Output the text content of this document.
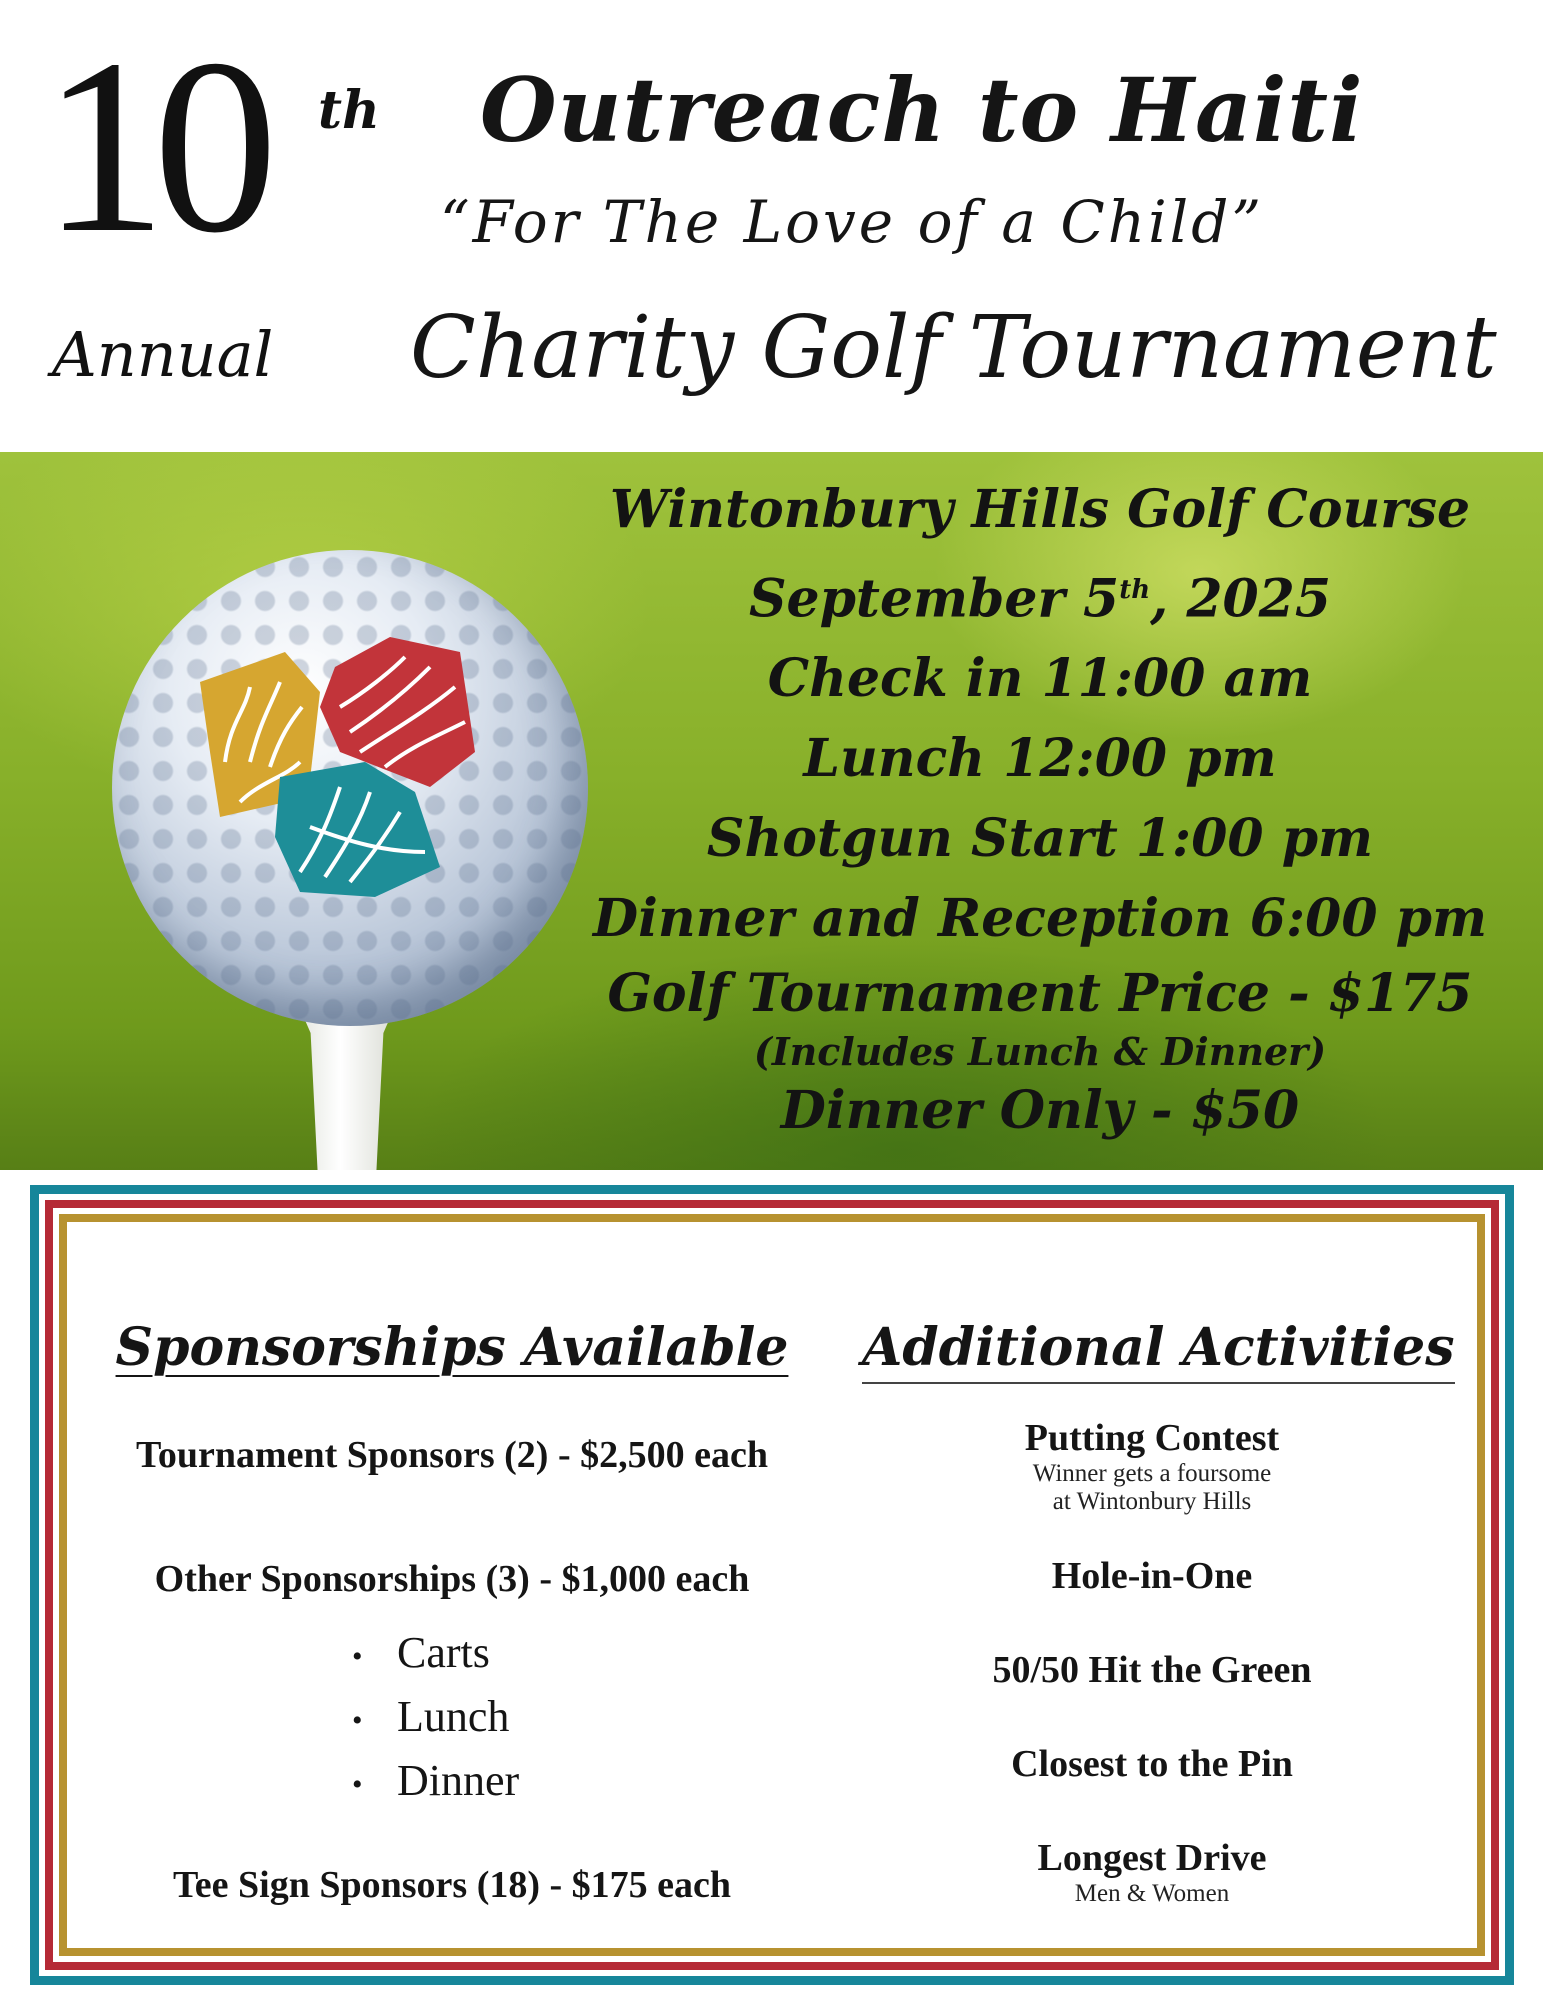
10 th
Annual
Outreach to Haiti
“For The Love of a Child”
Charity Golf Tournament
Wintonbury Hills Golf Course
September 5th, 2025
Check in 11:00 am
Lunch 12:00 pm
Shotgun Start 1:00 pm
Dinner and Reception 6:00 pm
Golf Tournament Price - $175
(Includes Lunch & Dinner)
Dinner Only - $50
Sponsorships Available
Tournament Sponsors (2) - $2,500 each
Other Sponsorships (3) - $1,000 each
• Carts
• Lunch
• Dinner
Tee Sign Sponsors (18) - $175 each
Additional Activities
Putting Contest
Winner gets a foursome
at Wintonbury Hills
Hole-in-One
50/50 Hit the Green
Closest to the Pin
Longest Drive
Men & Women
